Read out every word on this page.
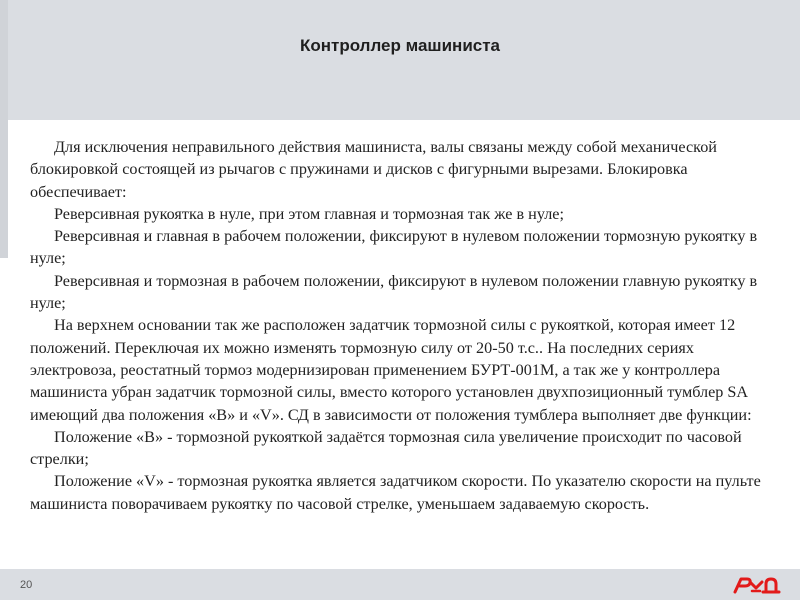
Контроллер машиниста

Для исключения неправильного действия машиниста, валы связаны между собой механической блокировкой состоящей из рычагов с пружинами и дисков с фигурными вырезами. Блокировка обеспечивает:

Реверсивная рукоятка в нуле, при этом главная и тормозная так же в нуле;

Реверсивная и главная в рабочем положении, фиксируют в нулевом положении тормозную рукоятку в нуле;

Реверсивная и тормозная в рабочем положении, фиксируют в нулевом положении главную рукоятку в нуле;

На верхнем основании так же расположен задатчик тормозной силы с рукояткой, которая имеет 12 положений. Переключая их можно изменять тормозную силу от 20-50 т.с.. На последних сериях электровоза, реостатный тормоз модернизирован применением БУРТ-001М, а так же у контроллера машиниста убран задатчик тормозной силы, вместо которого установлен двухпозиционный тумблер SA имеющий два положения «B» и «V». СД в зависимости от положения тумблера выполняет две функции:

Положение «B» - тормозной рукояткой задаётся тормозная сила увеличение происходит по часовой стрелки;

Положение «V» - тормозная рукоятка является задатчиком скорости. По указателю скорости на пульте машиниста поворачиваем рукоятку по часовой стрелке, уменьшаем задаваемую скорость.

20
